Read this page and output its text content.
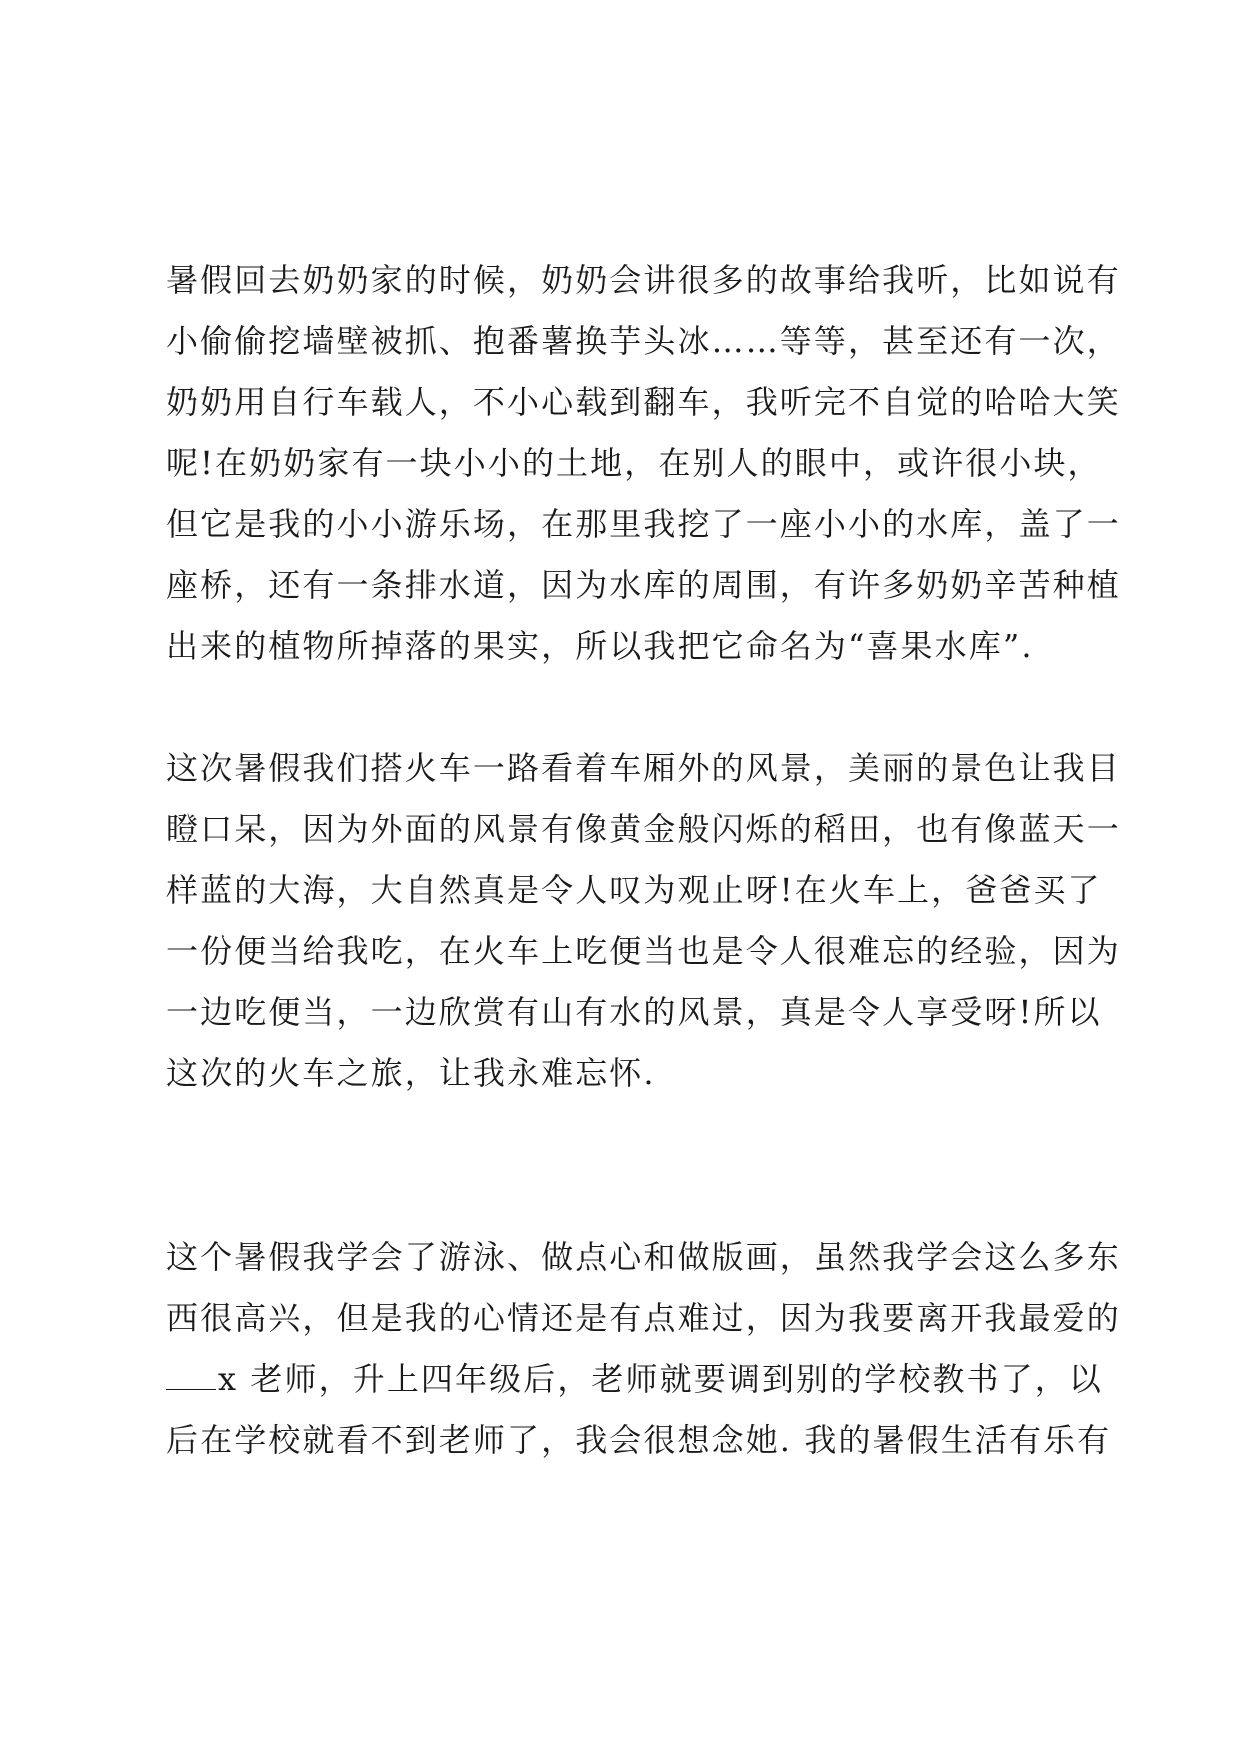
暑假回去奶奶家的时候，奶奶会讲很多的故事给我听，比如说有
小偷偷挖墙壁被抓、抱番薯换芋头冰……等等，甚至还有一次，
奶奶用自行车载人，不小心载到翻车，我听完不自觉的哈哈大笑
呢!在奶奶家有一块小小的土地，在别人的眼中，或许很小块，
但它是我的小小游乐场，在那里我挖了一座小小的水库，盖了一
座桥，还有一条排水道，因为水库的周围，有许多奶奶辛苦种植
出来的植物所掉落的果实，所以我把它命名为“喜果水库”.
这次暑假我们搭火车一路看着车厢外的风景，美丽的景色让我目
瞪口呆，因为外面的风景有像黄金般闪烁的稻田，也有像蓝天一
样蓝的大海，大自然真是令人叹为观止呀!在火车上，爸爸买了
一份便当给我吃，在火车上吃便当也是令人很难忘的经验，因为
一边吃便当，一边欣赏有山有水的风景，真是令人享受呀!所以
这次的火车之旅，让我永难忘怀.
这个暑假我学会了游泳、做点心和做版画，虽然我学会这么多东
西很高兴，但是我的心情还是有点难过，因为我要离开我最爱的
x 老师，升上四年级后，老师就要调到别的学校教书了，以
后在学校就看不到老师了，我会很想念她. 我的暑假生活有乐有
